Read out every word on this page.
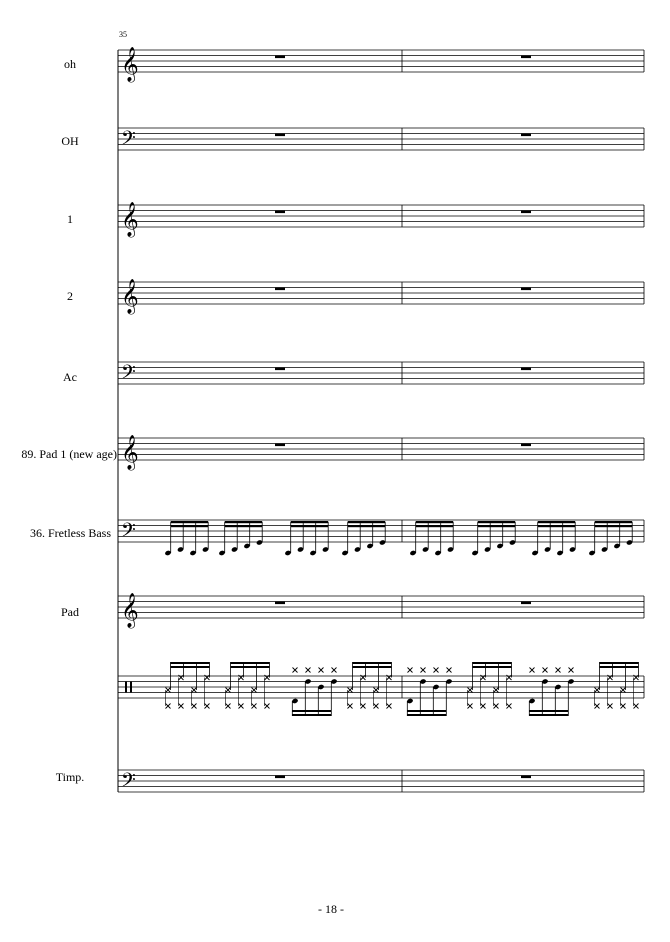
35
oh 𝄞
OH 𝄢
1 𝄞
2 𝄞
Ac 𝄢
89. Pad 1 (new age) 𝄞
36. Fretless Bass 𝄢
Pad 𝄞
Timp. 𝄢
- 18 -
